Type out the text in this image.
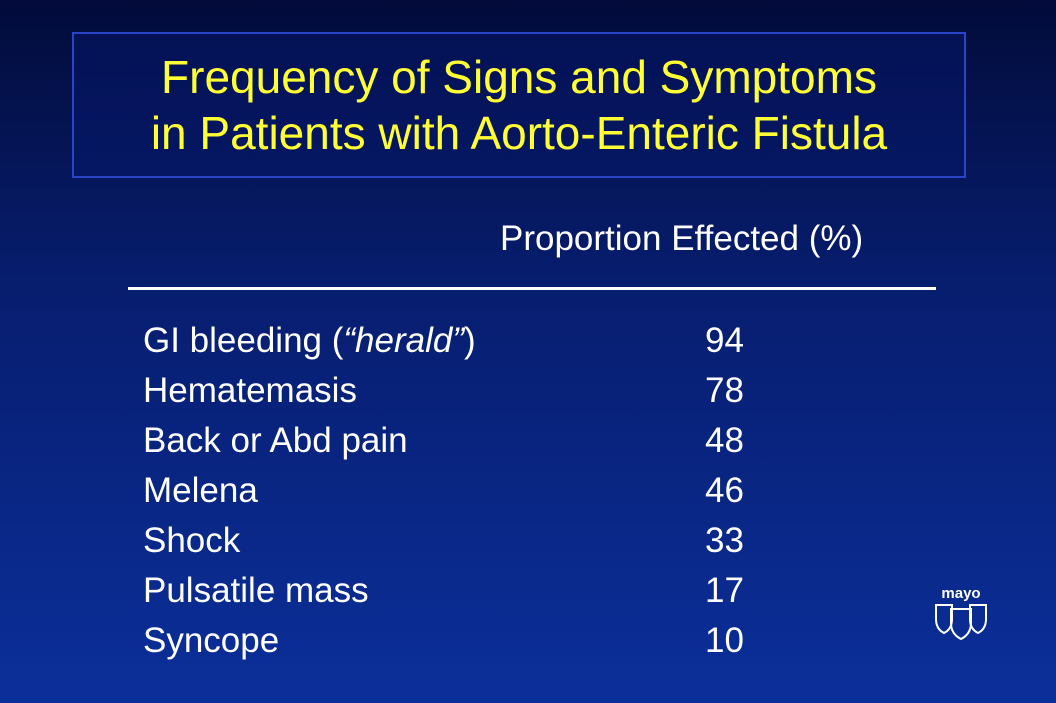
Frequency of Signs and Symptoms
in Patients with Aorto-Enteric Fistula
Proportion Effected (%)
GI bleeding (“herald”)	94
Hematemasis	78
Back or Abd pain	48
Melena	46
Shock	33
Pulsatile mass	17
Syncope	10
mayo
